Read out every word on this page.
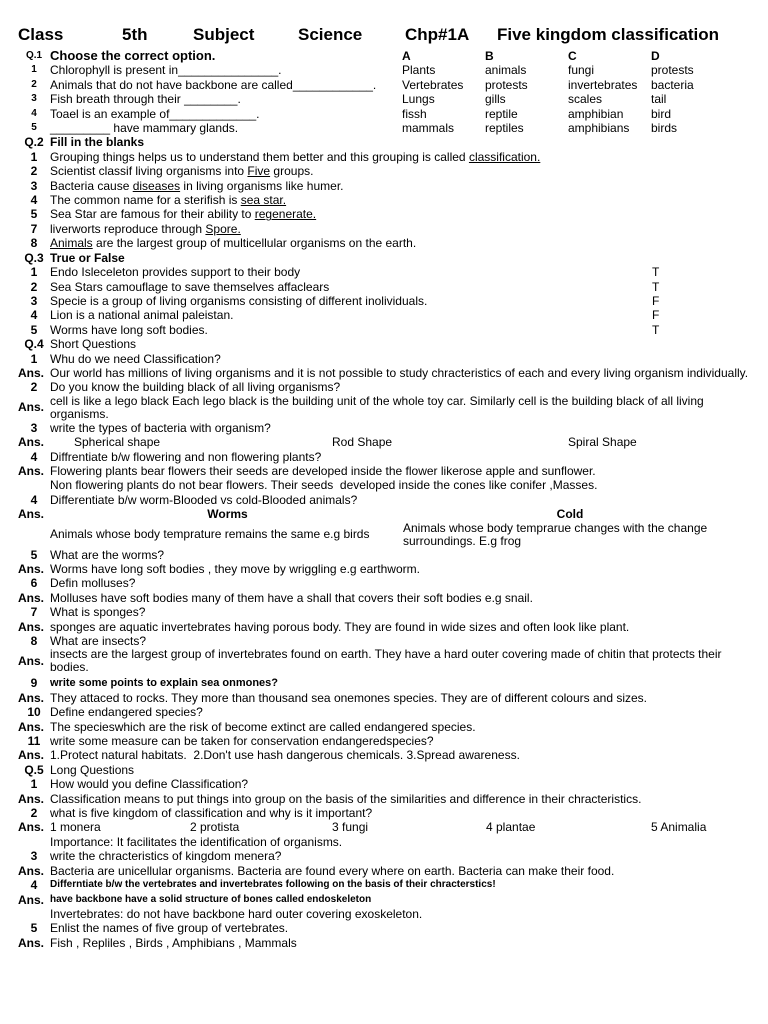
Class	5th	Subject	Science	Chp#1A	Five kingdom classification
Q.1 Choose the correct option.	A	B	C	D
1	Chlorophyll is present in_______________.	Plants	animals	fungi	protests
2	Animals that do not have backbone are called____________.	Vertebrates	protests	invertebrates	bacteria
3	Fish breath through their ________.	Lungs	gills	scales	tail
4	Toael is an example of_____________.	fissh	reptile	amphibian	bird
5	_________ have mammary glands.	mammals	reptiles	amphibians	birds
Q.2 Fill in the blanks
1	Grouping things helps us to understand them better and this grouping is called classification.
2	Scientist classif living organisms into Five groups.
3	Bacteria cause diseases in living organisms like humer.
4	The common name for a sterifish is sea star.
5	Sea Star are famous for their ability to regenerate.
7	liverworts reproduce through Spore.
8	Animals are the largest group of multicellular organisms on the earth.
Q.3 True or False
1	Endo Isleceleton provides support to their body	T
2	Sea Stars camouflage to save themselves affaclears	T
3	Specie is a group of living organisms consisting of different inolividuals.	F
4	Lion is a national animal paleistan.	F
5	Worms have long soft bodies.	T
Q.4 Short Questions
1	Whu do we need Classification?
Ans. Our world has millions of living organisms and it is not possible to study chracteristics of each and every living organism individually.
2	Do you know the building black of all living organisms?
Ans. cell is like a lego black Each lego black is the building unit of the whole toy car. Similarly cell is the building black of all living organisms.
3	write the types of bacteria with organism?
Ans.	Spherical shape	Rod Shape	Spiral Shape
4	Diffrentiate b/w flowering and non flowering plants?
Ans. Flowering plants bear flowers their seeds are developed inside the flower likerose apple and sunflower.
Non flowering plants do not bear flowers. Their seeds  developed inside the cones like conifer ,Masses.
4	Differentiate b/w worm-Blooded vs cold-Blooded animals?
Ans.	Worms	Cold
Animals whose body temprature remains the same e.g birds	Animals whose body temprarue changes with the change surroundings. E.g frog
5	What are the worms?
Ans. Worms have long soft bodies , they move by wriggling e.g earthworm.
6	Defin molluses?
Ans. Molluses have soft bodies many of them have a shall that covers their soft bodies e.g snail.
7	What is sponges?
Ans. sponges are aquatic invertebrates having porous body. They are found in wide sizes and often look like plant.
8	What are insects?
Ans. insects are the largest group of invertebrates found on earth. They have a hard outer covering made of chitin that protects their bodies.
9	write some points to explain sea onmones?
Ans. They attaced to rocks. They more than thousand sea onemones species. They are of different colours and sizes.
10 Define endangered species?
Ans. The specieswhich are the risk of become extinct are called endangered species.
11 write some measure can be taken for conservation endangeredspecies?
Ans. 1.Protect natural habitats.  2.Don't use hash dangerous chemicals. 3.Spread awareness.
Q.5 Long Questions
1	How would you define Classification?
Ans. Classification means to put things into group on the basis of the similarities and difference in their chracteristics.
2	what is five kingdom of classification and why is it important?
Ans. 1 monera	2 protista	3 fungi	4 plantae	5 Animalia
Importance: It facilitates the identification of organisms.
3	write the chracteristics of kingdom menera?
Ans. Bacteria are unicellular organisms. Bacteria are found every where on earth. Bacteria can make their food.
4	Differntiate b/w the vertebrates and invertebrates following on the basis of their chracterstics!
Ans. have backbone have a solid structure of bones called endoskeleton
Invertebrates: do not have backbone hard outer covering exoskeleton.
5	Enlist the names of five group of vertebrates.
Ans. Fish , Repliles , Birds , Amphibians , Mammals
